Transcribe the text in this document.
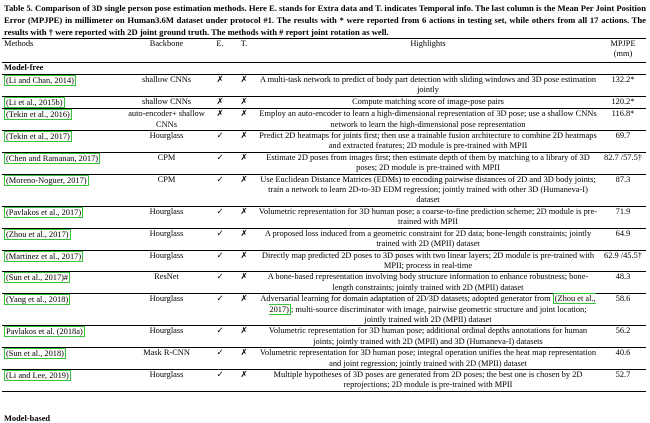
Table 5. Comparison of 3D single person pose estimation methods. Here E. stands for Extra data and T. indicates Temporal info. The last column is the Mean Per Joint Position Error (MPJPE) in millimeter on Human3.6M dataset under protocol #1. The results with * were reported from 6 actions in testing set, while others from all 17 actions. The results with † were reported with 2D joint ground truth. The methods with # report joint rotation as well.
Methods	Backbone	E.	T.	Highlights	MPJPE
(mm)
Model-free					
(Li and Chan, 2014)	shallow CNNs	✗	✗	A multi-task network to predict of body part detection with sliding windows and 3D pose estimation jointly	132.2*
(Li et al., 2015b)	shallow CNNs	✗	✗	Compute matching score of image-pose pairs	120.2*
(Tekin et al., 2016)	auto-encoder+ shallow CNNs	✗	✗	Employ an auto-encoder to learn a high-dimensional representation of 3D pose; use a shallow CNNs network to learn the high-dimensional pose representation	116.8*
(Tekin et al., 2017)	Hourglass	✓	✗	Predict 2D heatmaps for joints first; then use a trainable fusion architecture to combine 2D heatmaps and extracted features; 2D module is pre-trained with MPII	69.7
(Chen and Ramanan, 2017)	CPM	✓	✗	Estimate 2D poses from images first; then estimate depth of them by matching to a library of 3D poses; 2D module is pre-trained with MPII	82.7 /57.5†
(Moreno-Noguer, 2017)	CPM	✓	✗	Use Euclidean Distance Matrices (EDMs) to encoding pairwise distances of 2D and 3D body joints; train a network to learn 2D-to-3D EDM regression; jointly trained with other 3D (Humaneva-I) dataset	87.3
(Pavlakos et al., 2017)	Hourglass	✓	✗	Volumetric representation for 3D human pose; a coarse-to-fine prediction scheme; 2D module is pre-trained with MPII	71.9
(Zhou et al., 2017)	Hourglass	✓	✗	A proposed loss induced from a geometric constraint for 2D data; bone-length constraints; jointly trained with 2D (MPII) dataset	64.9
(Martinez et al., 2017)	Hourglass	✓	✗	Directly map predicted 2D poses to 3D poses with two linear layers; 2D module is pre-trained with MPII; process in real-time	62.9 /45.5†
(Sun et al., 2017)#	ResNet	✓	✗	A bone-based representation involving body structure information to enhance robustness; bone-length constraints; jointly trained with 2D (MPII) dataset	48.3
(Yang et al., 2018)	Hourglass	✓	✗	Adversarial learning for domain adaptation of 2D/3D datasets; adopted generator from (Zhou et al., 2017) ; multi-source discriminator with image, pairwise geometric structure and joint location; jointly trained with 2D (MPII) dataset	58.6
Pavlakos et al. (2018a)	Hourglass	✓	✗	Volumetric representation for 3D human pose; additional ordinal depths annotations for human joints; jointly trained with 2D (MPII) and 3D (Humaneva-I) datasets	56.2
(Sun et al., 2018)	Mask R-CNN	✓	✗	Volumetric representation for 3D human pose; integral operation unifies the heat map representation and joint regression; jointly trained with 2D (MPII) dataset	40.6
(Li and Lee, 2019)	Hourglass	✓	✗	Multiple hypotheses of 3D poses are generated from 2D poses; the best one is chosen by 2D reprojections; 2D module is pre-trained with MPII	52.7
Model-based
